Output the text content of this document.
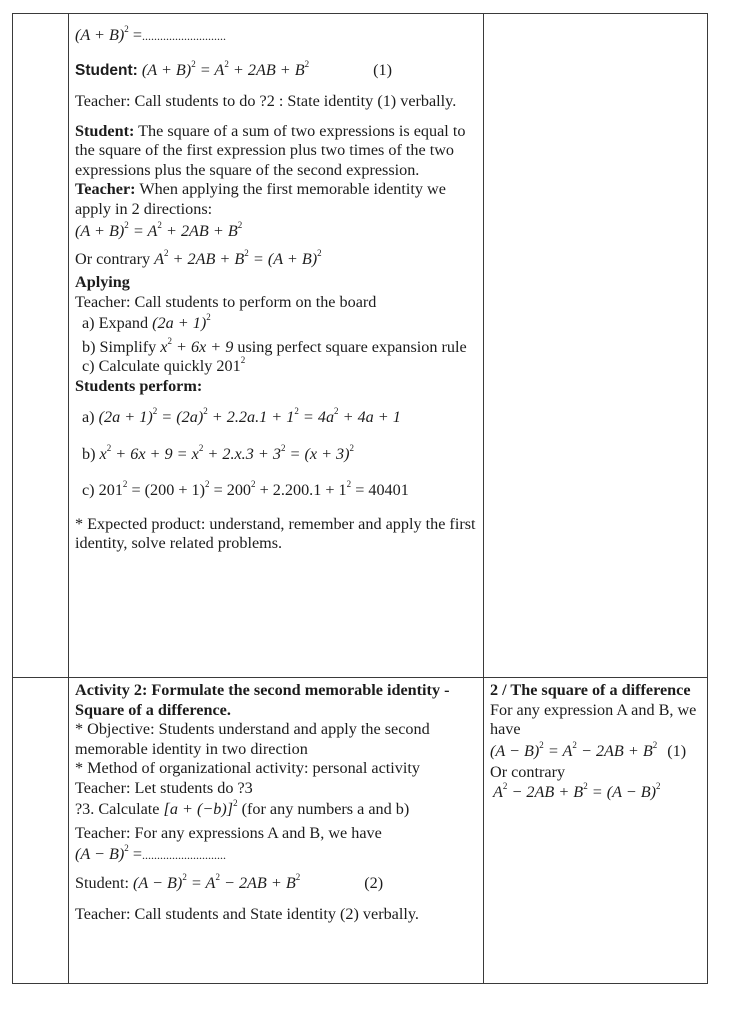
$(A + B)^2$ =............................
Student: $(A + B)^2 = A^2 + 2AB + B^2$	(1)

Teacher: Call students to do ?2 : State identity (1) verbally.

Student: The square of a sum of two expressions is equal to the square of the first expression plus two times of the two expressions plus the square of the second expression.

Teacher: When applying the first memorable identity we apply in 2 directions:

$(A + B)^2 = A^2 + 2AB + B^2$
Or contrary $A^2 + 2AB + B^2 = (A + B)^2$

Aplying

Teacher: Call students to perform on the board

a) Expand $(2a + 1)^2$
b) Simplify $x^2 + 6x + 9$ using perfect square expansion rule
c) Calculate quickly $201^2$

Students perform:

a) $(2a + 1)^2 = (2a)^2 + 2.2a.1 + 1^2 = 4a^2 + 4a + 1$
b) $x^2 + 6x + 9 = x^2 + 2.x.3 + 3^2 = (x + 3)^2$
c) $201^2 = (200 + 1)^2 = 200^2 + 2.200.1 + 1^2 = 40401$

* Expected product: understand, remember and apply the first identity, solve related problems.

Activity 2: Formulate the second memorable identity - Square of a difference.

* Objective: Students understand and apply the second memorable identity in two direction

* Method of organizational activity: personal activity

Teacher: Let students do ?3

?3. Calculate $[a + (-b)]^2$ (for any numbers a and b)

Teacher: For any expressions A and B, we have

$(A - B)^2$ =............................
Student: $(A - B)^2 = A^2 - 2AB + B^2$	(2)

Teacher: Call students and State identity (2) verbally.

2 / The square of a difference

For any expression A and B, we have

$(A - B)^2 = A^2 - 2AB + B^2$ (1)

Or contrary

$A^2 - 2AB + B^2 = (A - B)^2$
